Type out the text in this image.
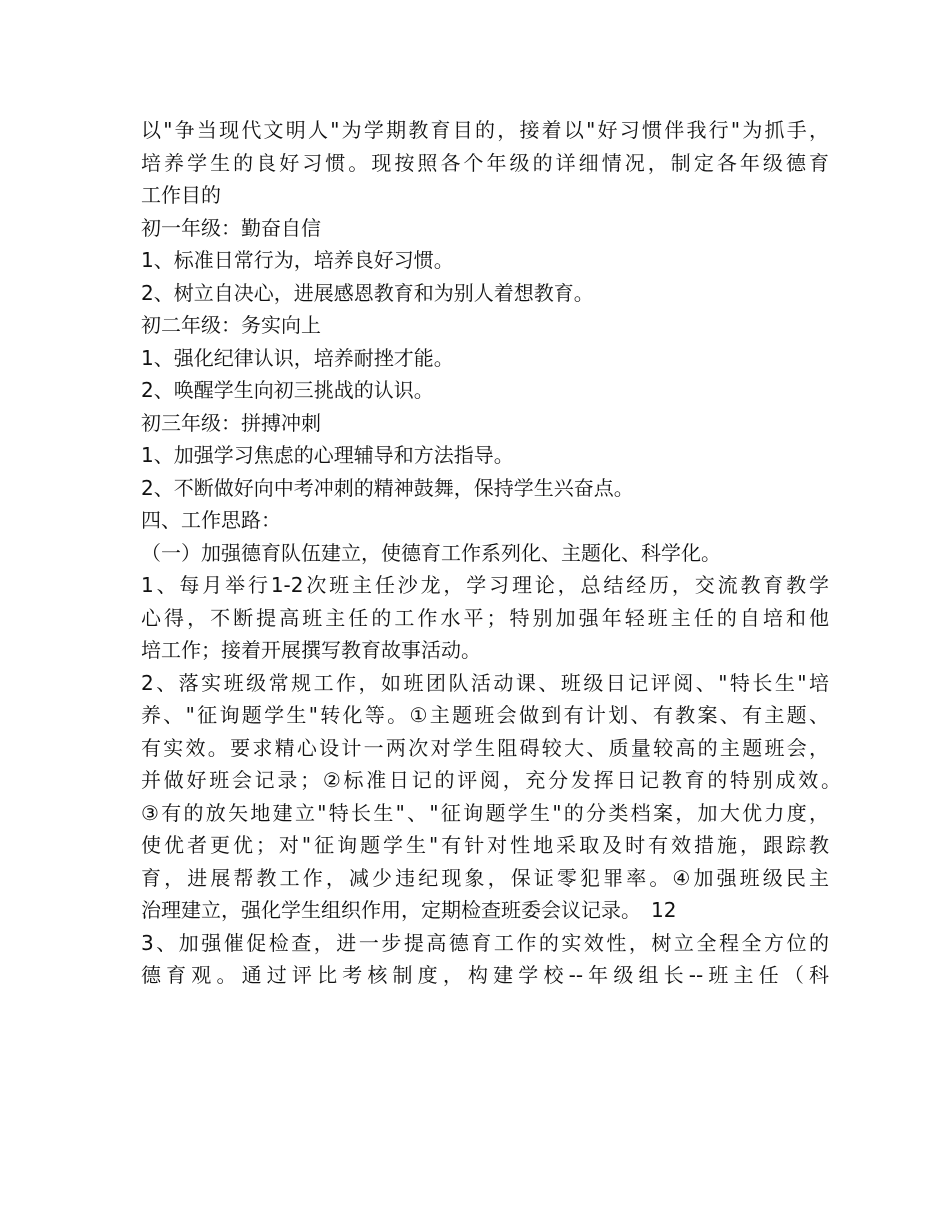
以"争当现代文明人"为学期教育目的，接着以"好习惯伴我行"为抓手，
培养学生的良好习惯。现按照各个年级的详细情况，制定各年级德育
工作目的
初一年级：勤奋自信
1、标准日常行为，培养良好习惯。
2、树立自决心，进展感恩教育和为别人着想教育。
初二年级：务实向上
1、强化纪律认识，培养耐挫才能。
2、唤醒学生向初三挑战的认识。
初三年级：拼搏冲刺
1、加强学习焦虑的心理辅导和方法指导。
2、不断做好向中考冲刺的精神鼓舞，保持学生兴奋点。
四、工作思路：
（一）加强德育队伍建立，使德育工作系列化、主题化、科学化。
1、每月举行1-2次班主任沙龙，学习理论，总结经历，交流教育教学
心得，不断提高班主任的工作水平；特别加强年轻班主任的自培和他
培工作；接着开展撰写教育故事活动。
2、落实班级常规工作，如班团队活动课、班级日记评阅、"特长生"培
养、"征询题学生"转化等。①主题班会做到有计划、有教案、有主题、
有实效。要求精心设计一两次对学生阻碍较大、质量较高的主题班会，
并做好班会记录；②标准日记的评阅，充分发挥日记教育的特别成效。
③有的放矢地建立"特长生"、"征询题学生"的分类档案，加大优力度，
使优者更优；对"征询题学生"有针对性地采取及时有效措施，跟踪教
育，进展帮教工作，减少违纪现象，保证零犯罪率。④加强班级民主
治理建立，强化学生组织作用，定期检查班委会议记录。　12
3、加强催促检查，进一步提高德育工作的实效性，树立全程全方位的
德育观。通过评比考核制度，构建学校--年级组长--班主任（科
